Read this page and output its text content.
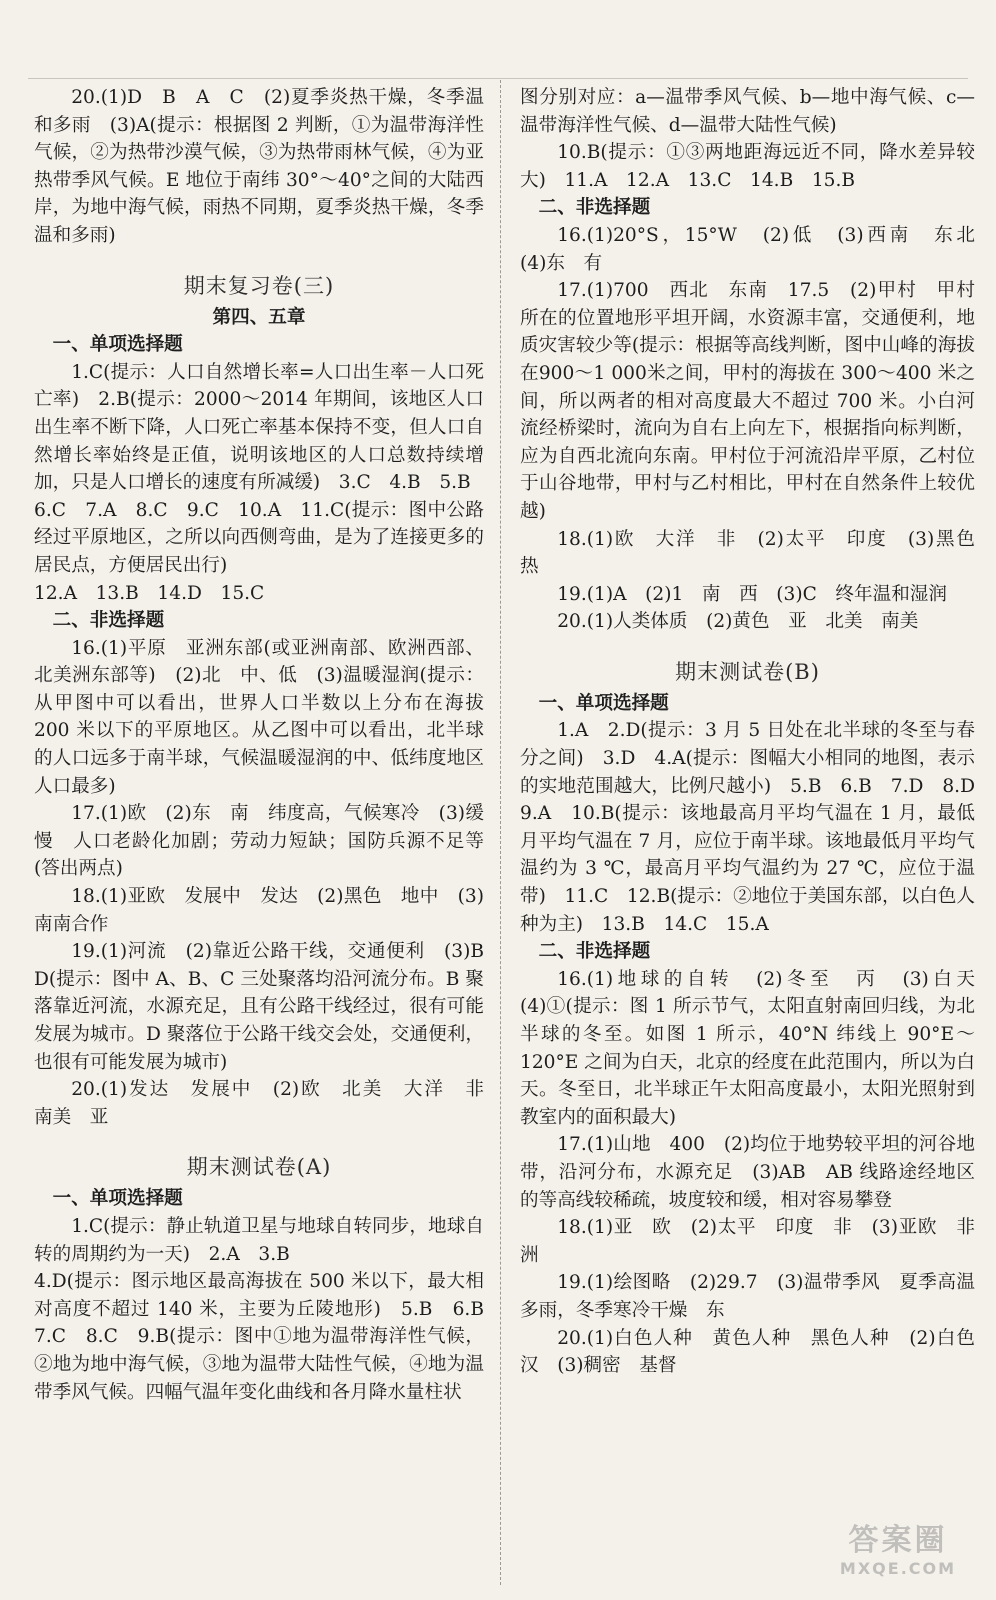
20.(1)D　B　A　C　(2)夏季炎热干燥，冬季温和多雨　(3)A(提示：根据图 2 判断，①为温带海洋性气候，②为热带沙漠气候，③为热带雨林气候，④为亚热带季风气候。E 地位于南纬 30°～40°之间的大陆西岸，为地中海气候，雨热不同期，夏季炎热干燥，冬季温和多雨)

期末复习卷(三)
第四、五章
一、单项选择题

1.C(提示：人口自然增长率=人口出生率－人口死亡率)　2.B(提示：2000～2014 年期间，该地区人口出生率不断下降，人口死亡率基本保持不变，但人口自然增长率始终是正值，说明该地区的人口总数持续增加，只是人口增长的速度有所减缓)　3.C　4.B　5.B

6.C　7.A　8.C　9.C　10.A　11.C(提示：图中公路经过平原地区，之所以向西侧弯曲，是为了连接更多的居民点，方便居民出行)

12.A　13.B　14.D　15.C

二、非选择题

16.(1)平原　亚洲东部(或亚洲南部、欧洲西部、北美洲东部等)　(2)北　中、低　(3)温暖湿润(提示：从甲图中可以看出，世界人口半数以上分布在海拔 200 米以下的平原地区。从乙图中可以看出，北半球的人口远多于南半球，气候温暖湿润的中、低纬度地区人口最多)

17.(1)欧　(2)东　南　纬度高，气候寒冷　(3)缓慢　人口老龄化加剧；劳动力短缺；国防兵源不足等(答出两点)

18.(1)亚欧　发展中　发达　(2)黑色　地中　(3)南南合作

19.(1)河流　(2)靠近公路干线，交通便利　(3)B　D(提示：图中 A、B、C 三处聚落均沿河流分布。B 聚落靠近河流，水源充足，且有公路干线经过，很有可能发展为城市。D 聚落位于公路干线交会处，交通便利，也很有可能发展为城市)

20.(1)发达　发展中　(2)欧　北美　大洋　非　南美　亚

期末测试卷(A)
一、单项选择题

1.C(提示：静止轨道卫星与地球自转同步，地球自转的周期约为一天)　2.A　3.B

4.D(提示：图示地区最高海拔在 500 米以下，最大相对高度不超过 140 米，主要为丘陵地形)　5.B　6.B　7.C　8.C　9.B(提示：图中①地为温带海洋性气候，②地为地中海气候，③地为温带大陆性气候，④地为温带季风气候。四幅气温年变化曲线和各月降水量柱状

图分别对应：a—温带季风气候、b—地中海气候、c—温带海洋性气候、d—温带大陆性气候)

10.B(提示：①③两地距海远近不同，降水差异较大)　11.A　12.A　13.C　14.B　15.B

二、非选择题

16.(1)20°S，15°W　(2)低　(3)西南　东北　(4)东　有

17.(1)700　西北　东南　17.5　(2)甲村　甲村所在的位置地形平坦开阔，水资源丰富，交通便利，地质灾害较少等(提示：根据等高线判断，图中山峰的海拔在900～1 000米之间，甲村的海拔在 300～400 米之间，所以两者的相对高度最大不超过 700 米。小白河流经桥梁时，流向为自右上向左下，根据指向标判断，应为自西北流向东南。甲村位于河流沿岸平原，乙村位于山谷地带，甲村与乙村相比，甲村在自然条件上较优越)

18.(1)欧　大洋　非　(2)太平　印度　(3)黑色　热

19.(1)A　(2)1　南　西　(3)C　终年温和湿润

20.(1)人类体质　(2)黄色　亚　北美　南美

期末测试卷(B)
一、单项选择题

1.A　2.D(提示：3 月 5 日处在北半球的冬至与春分之间)　3.D　4.A(提示：图幅大小相同的地图，表示的实地范围越大，比例尺越小)　5.B　6.B　7.D　8.D　9.A　10.B(提示：该地最高月平均气温在 1 月，最低月平均气温在 7 月，应位于南半球。该地最低月平均气温约为 3 ℃，最高月平均气温约为 27 ℃，应位于温带)　11.C　12.B(提示：②地位于美国东部，以白色人种为主)　13.B　14.C　15.A

二、非选择题

16.(1)地球的自转　(2)冬至　丙　(3)白天　(4)①(提示：图 1 所示节气，太阳直射南回归线，为北半球的冬至。如图 1 所示，40°N 纬线上 90°E～120°E 之间为白天，北京的经度在此范围内，所以为白天。冬至日，北半球正午太阳高度最小，太阳光照射到教室内的面积最大)

17.(1)山地　400　(2)均位于地势较平坦的河谷地带，沿河分布，水源充足　(3)AB　AB 线路途经地区的等高线较稀疏，坡度较和缓，相对容易攀登

18.(1)亚　欧　(2)太平　印度　非　(3)亚欧　非洲

19.(1)绘图略　(2)29.7　(3)温带季风　夏季高温多雨，冬季寒冷干燥　东

20.(1)白色人种　黄色人种　黑色人种　(2)白色　汉　(3)稠密　基督

答案圈
MXQE.COM
